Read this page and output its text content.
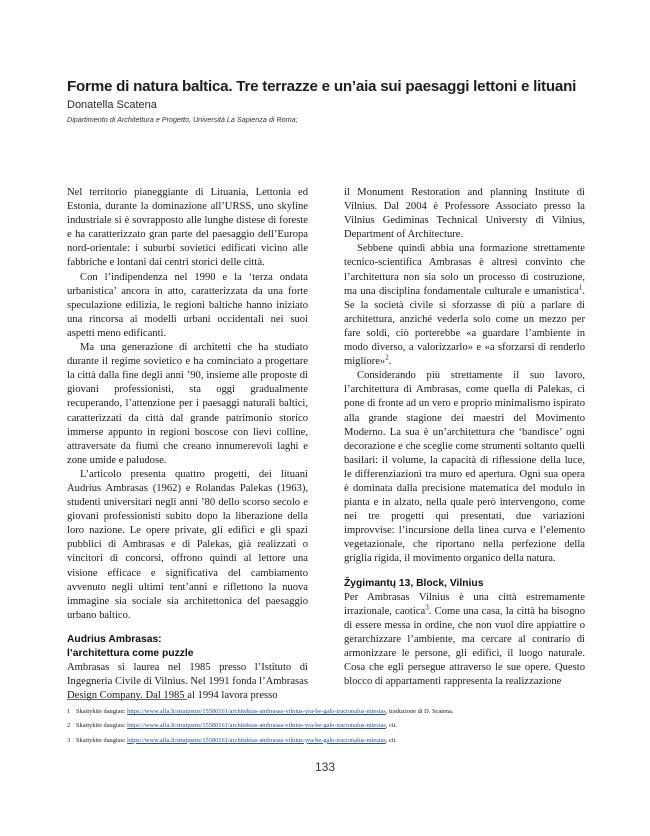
Forme di natura baltica. Tre terrazze e un’aia sui paesaggi lettoni e lituani
Donatella Scatena
Dipartimento di Architettura e Progetto, Università La Sapienza di Roma;

Nel territorio pianeggiante di Lituania, Lettonia ed Estonia, durante la dominazione all’URSS, uno skyline industriale si è sovrapposto alle lunghe distese di foreste e ha caratterizzato gran parte del paesaggio dell’Europa nord-orientale: i suburbi sovietici edificati vicino alle fabbriche e lontani dai centri storici delle città.

Con l’indipendenza nel 1990 e la ‘terza ondata urbanistica’ ancora in atto, caratterizzata da una forte speculazione edilizia, le regioni baltiche hanno iniziato una rincorsa ai modelli urbani occidentali nei suoi aspetti meno edificanti.

Ma una generazione di architetti che ha studiato durante il regime sovietico e ha cominciato a progettare la città dalla fine degli anni ’90, insieme alle proposte di giovani professionisti, sta oggi gradualmente recuperando, l’attenzione per i paesaggi naturali baltici, caratterizzati da città dal grande patrimonio storico immerse appunto in regioni boscose con lievi colline, attraversate da fiumi che creano innumerevoli laghi e zone umide e paludose.

L’articolo presenta quattro progetti, dei lituani Audrius Ambrasas (1962) e Rolandas Palekas (1963), studenti universitari negli anni ’80 dello scorso secolo e giovani professionisti subito dopo la liberazione della loro nazione. Le opere private, gli edifici e gli spazi pubblici di Ambrasas e di Palekas, già realizzati o vincitori di concorsi, offrono quindi al lettore una visione efficace e significativa del cambiamento avvenuto negli ultimi tent’anni e riflettono la nuova immagine sia sociale sia architettonica del paesaggio urbano baltico.

Audrius Ambrasas:
l’architettura come puzzle

Ambrasas si laurea nel 1985 presso l’Istituto di Ingegneria Civile di Vilnius. Nel 1991 fonda l’Ambrasas Design Company. Dal 1985 al 1994 lavora presso

il Monument Restoration and planning Institute di Vilnius. Dal 2004 è Professore Associato presso la Vilnius Gediminas Technical Universty di Vilnius, Department of Architecture.

Sebbene quindi abbia una formazione strettamente tecnico-scientifica Ambrasas è altresì convinto che l’architettura non sia solo un processo di costruzione, ma una disciplina fondamentale culturale e umanistica$^1$. Se la società civile si sforzasse di più a parlare di architettura, anziché vederla solo come un mezzo per fare soldi, ciò porterebbe «a guardare l’ambiente in modo diverso, a valorizzarlo» e «a sforzarsi di renderlo migliore»$^2$.

Considerando più strettamente il suo lavoro, l’architettura di Ambrasas, come quella di Palekas, ci pone di fronte ad un vero e proprio minimalismo ispirato alla grande stagione dei maestri del Movimento Moderno. La sua è un’architettura che ‘bandisce’ ogni decorazione e che sceglie come strumenti soltanto quelli basilari: il volume, la capacità di riflessione della luce, le differenziazioni tra muro ed apertura. Ogni sua opera è dominata dalla precisione matematica del modulo in pianta e in alzato, nella quale però intervengono, come nei tre progetti qui presentati, due variazioni improvvise: l’incursione della linea curva e l’elemento vegetazionale, che riportano nella perfezione della griglia rigida, il movimento organico della natura.

Žygimantų 13, Block, Vilnius

Per Ambrasas Vilnius è una città estremamente irrazionale, caotica$^3$. Come una casa, la città ha bisogno di essere messa in ordine, che non vuol dire appiattire o gerarchizzare l’ambiente, ma cercare al contrario di armonizzare le persone, gli edifici, il luogo naturale. Cosa che egli persegue attraverso le sue opere. Questo blocco di appartamenti rappresenta la realizzazione

1 Skaitykite daugiau: https://www.alfa.lt/straipsnis/15580161/architektas-ambrasas-vilnius-yra-be-galo-iracionalus-miestas, traduzione di D. Scatena.
2 Skaitykite daugiau: https://www.alfa.lt/straipsnis/15580161/architektas-ambrasas-vilnius-yra-be-galo-iracionalus-miestas, cit.
3 Skaitykite daugiau: https://www.alfa.lt/straipsnis/15580161/architektas-ambrasas-vilnius-yra-be-galo-iracionalus-miestas, cit.
133
